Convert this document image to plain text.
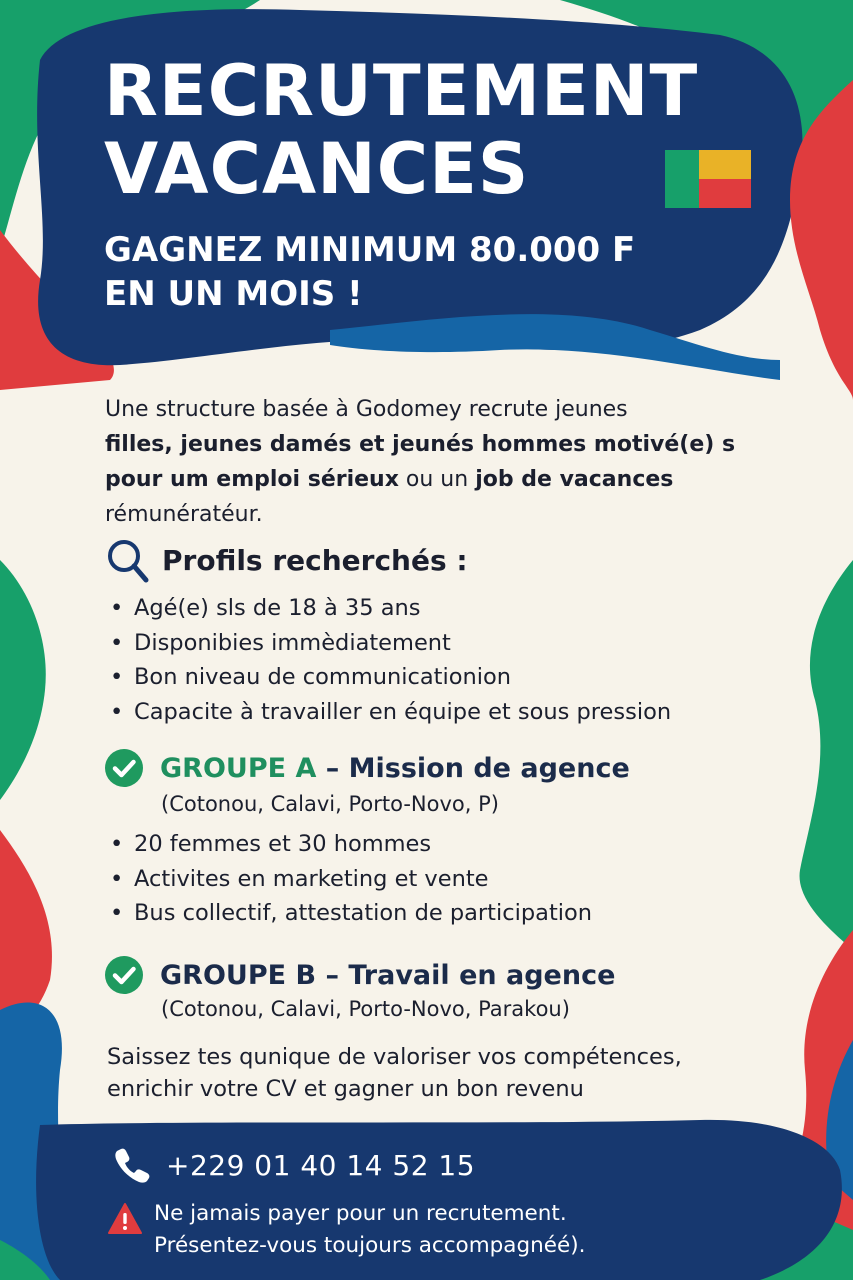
RECRUTEMENT
VACANCES
GAGNEZ MINIMUM 80.000 F
EN UN MOIS !
Une structure basée à Godomey recrute jeunes
filles, jeunes damés et jeunés hommes motivé(e) s
pour um emploi sérieux ou un job de vacances
rémunératéur.
Profils recherchés :
• Agé(e) sls de 18 à 35 ans
• Disponibies immèdiatement
• Bon niveau de communicationion
• Capacite à travailler en équipe et sous pression
GROUPE A – Mission de agence
(Cotonou, Calavi, Porto-Novo, P)
• 20 femmes et 30 hommes
• Activites en marketing et vente
• Bus collectif, attestation de participation
GROUPE B – Travail en agence
(Cotonou, Calavi, Porto-Novo, Parakou)
Saissez tes qunique de valoriser vos compétences,
enrichir votre CV et gagner un bon revenu
+229 01 40 14 52 15
Ne jamais payer pour un recrutement.
Présentez-vous toujours accompagnéé).
